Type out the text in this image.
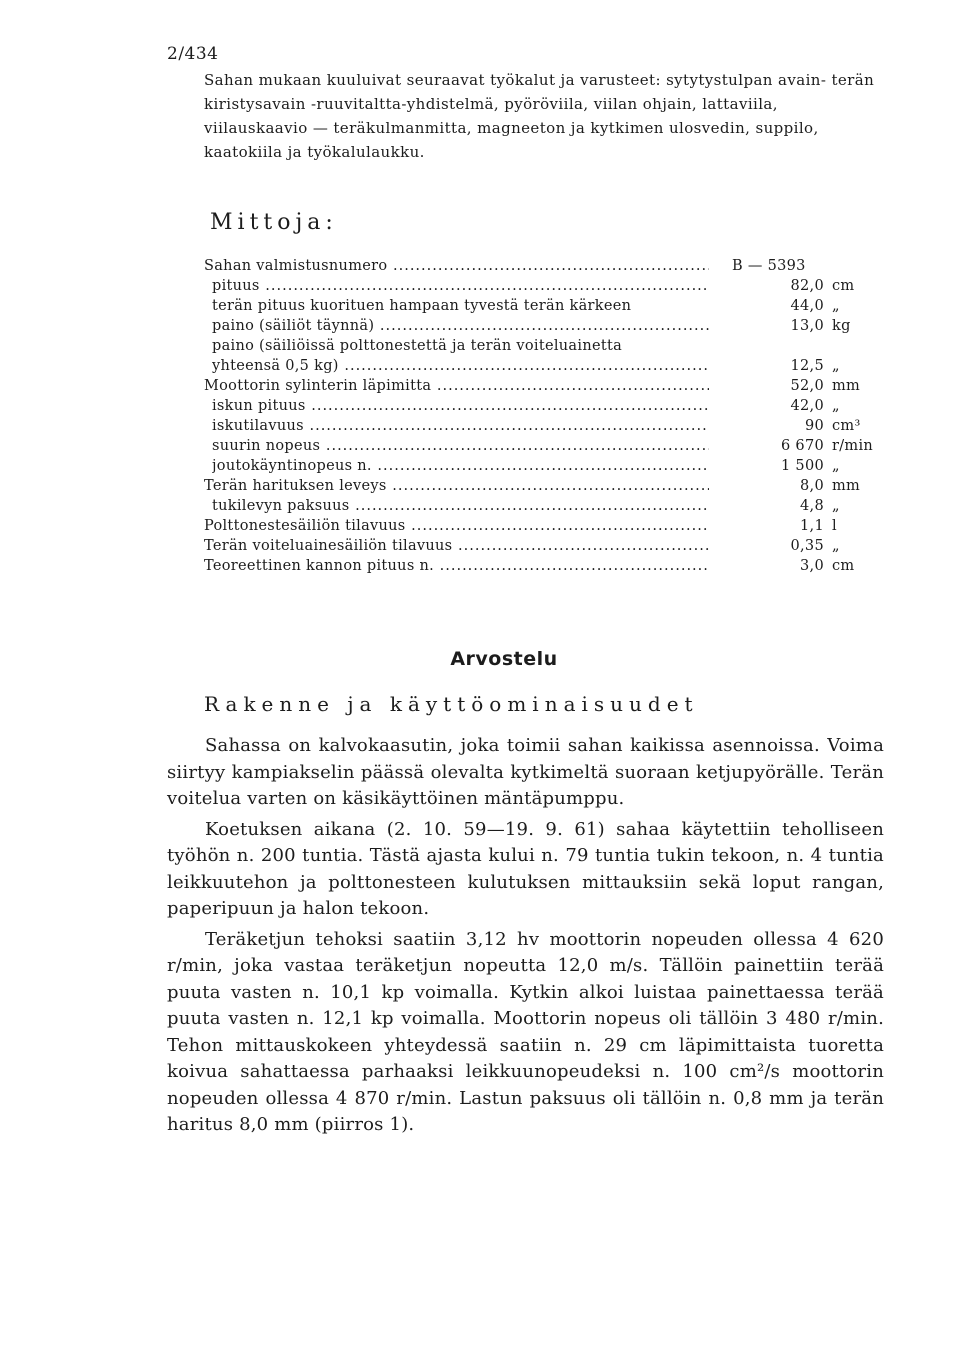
2/434
Sahan mukaan kuuluivat seuraavat työkalut ja varusteet: sytytystulpan avain- terän kiristysavain -ruuvitaltta-yhdistelmä, pyöröviila, viilan ohjain, lattaviila, viilauskaavio — teräkulmanmitta, magneeton ja kytkimen ulosvedin, suppilo, kaatokiila ja työkalulaukku.
Mittoja:
Sahan valmistusnumero .....	B — 5393
pituus .....	82,0 cm
terän pituus kuorituen hampaan tyvestä terän kärkeen	44,0 „
paino (säiliöt täynnä) .....	13,0 kg
paino (säiliöissä polttonestettä ja terän voiteluainetta
yhteensä 0,5 kg) .....	12,5 „
Moottorin sylinterin läpimitta .....	52,0 mm
iskun pituus .....	42,0 „
iskutilavuus .....	90 cm³
suurin nopeus .....	6 670 r/min
joutokäyntinopeus n. .....	1 500 „
Terän harituksen leveys .....	8,0 mm
tukilevyn paksuus .....	4,8 „
Polttonestesäiliön tilavuus .....	1,1 l
Terän voiteluainesäiliön tilavuus .....	0,35 „
Teoreettinen kannon pituus n. .....	3,0 cm
Arvostelu
Rakenne ja käyttöominaisuudet

Sahassa on kalvokaasutin, joka toimii sahan kaikissa asennoissa. Voima siirtyy kampiakselin päässä olevalta kytkimeltä suoraan ketjupyörälle. Terän voitelua varten on käsikäyttöinen mäntäpumppu.

Koetuksen aikana (2. 10. 59—19. 9. 61) sahaa käytettiin teholliseen työhön n. 200 tuntia. Tästä ajasta kului n. 79 tuntia tukin tekoon, n. 4 tuntia leikkuutehon ja polttonesteen kulutuksen mittauksiin sekä loput rangan, paperipuun ja halon tekoon.

Teräketjun tehoksi saatiin 3,12 hv moottorin nopeuden ollessa 4 620 r/min, joka vastaa teräketjun nopeutta 12,0 m/s. Tällöin painettiin terää puuta vasten n. 10,1 kp voimalla. Kytkin alkoi luistaa painettaessa terää puuta vasten n. 12,1 kp voimalla. Moottorin nopeus oli tällöin 3 480 r/min. Tehon mittauskokeen yhteydessä saatiin n. 29 cm läpimittaista tuoretta koivua sahattaessa parhaaksi leikkuunopeudeksi n. 100 cm²/s moottorin nopeuden ollessa 4 870 r/min. Lastun paksuus oli tällöin n. 0,8 mm ja terän haritus 8,0 mm (piirros 1).
